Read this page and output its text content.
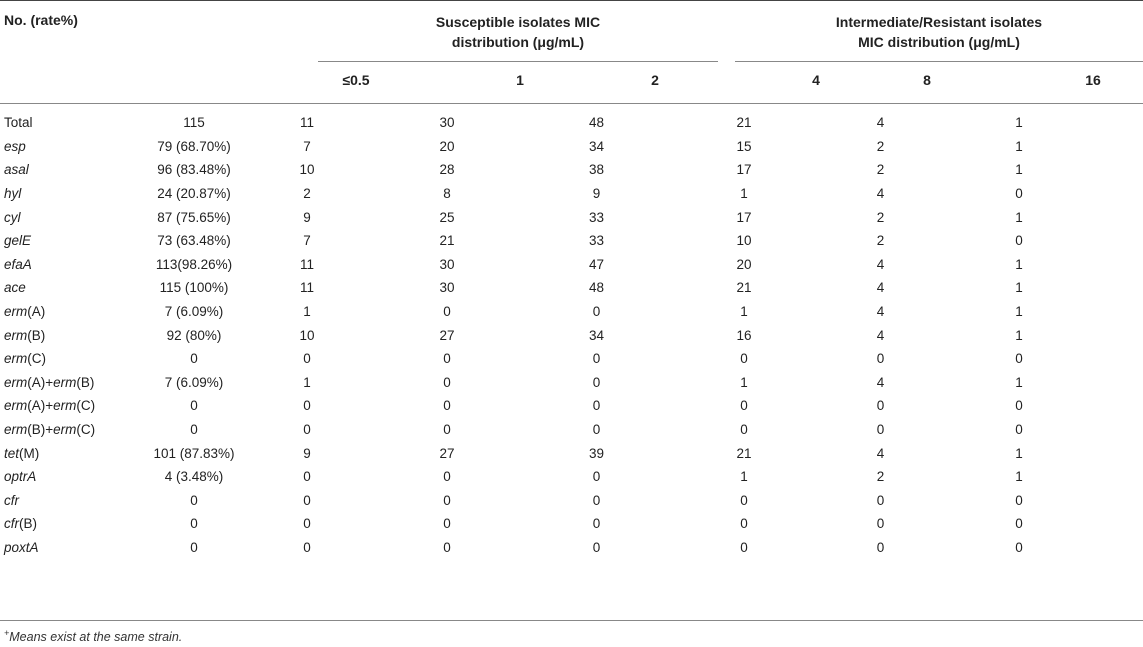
No. (rate%)	Susceptible isolates MIC
distribution (μg/mL)
Intermediate/Resistant isolates
MIC distribution (μg/mL)
≤0.5	1	2	4	8	16
Total	115	11	30	48	21	4	1
esp	79 (68.70%)	7	20	34	15	2	1
asal	96 (83.48%)	10	28	38	17	2	1
hyl	24 (20.87%)	2	8	9	1	4	0
cyl	87 (75.65%)	9	25	33	17	2	1
gelE	73 (63.48%)	7	21	33	10	2	0
efaA	113(98.26%)	11	30	47	20	4	1
ace	115 (100%)	11	30	48	21	4	1
erm(A)	7 (6.09%)	1	0	0	1	4	1
erm(B)	92 (80%)	10	27	34	16	4	1
erm(C)	0	0	0	0	0	0	0
erm(A)+erm(B)	7 (6.09%)	1	0	0	1	4	1
erm(A)+erm(C)	0	0	0	0	0	0	0
erm(B)+erm(C)	0	0	0	0	0	0	0
tet(M)	101 (87.83%)	9	27	39	21	4	1
optrA	4 (3.48%)	0	0	0	1	2	1
cfr	0	0	0	0	0	0	0
cfr(B)	0	0	0	0	0	0	0
poxtA	0	0	0	0	0	0	0
+Means exist at the same strain.
